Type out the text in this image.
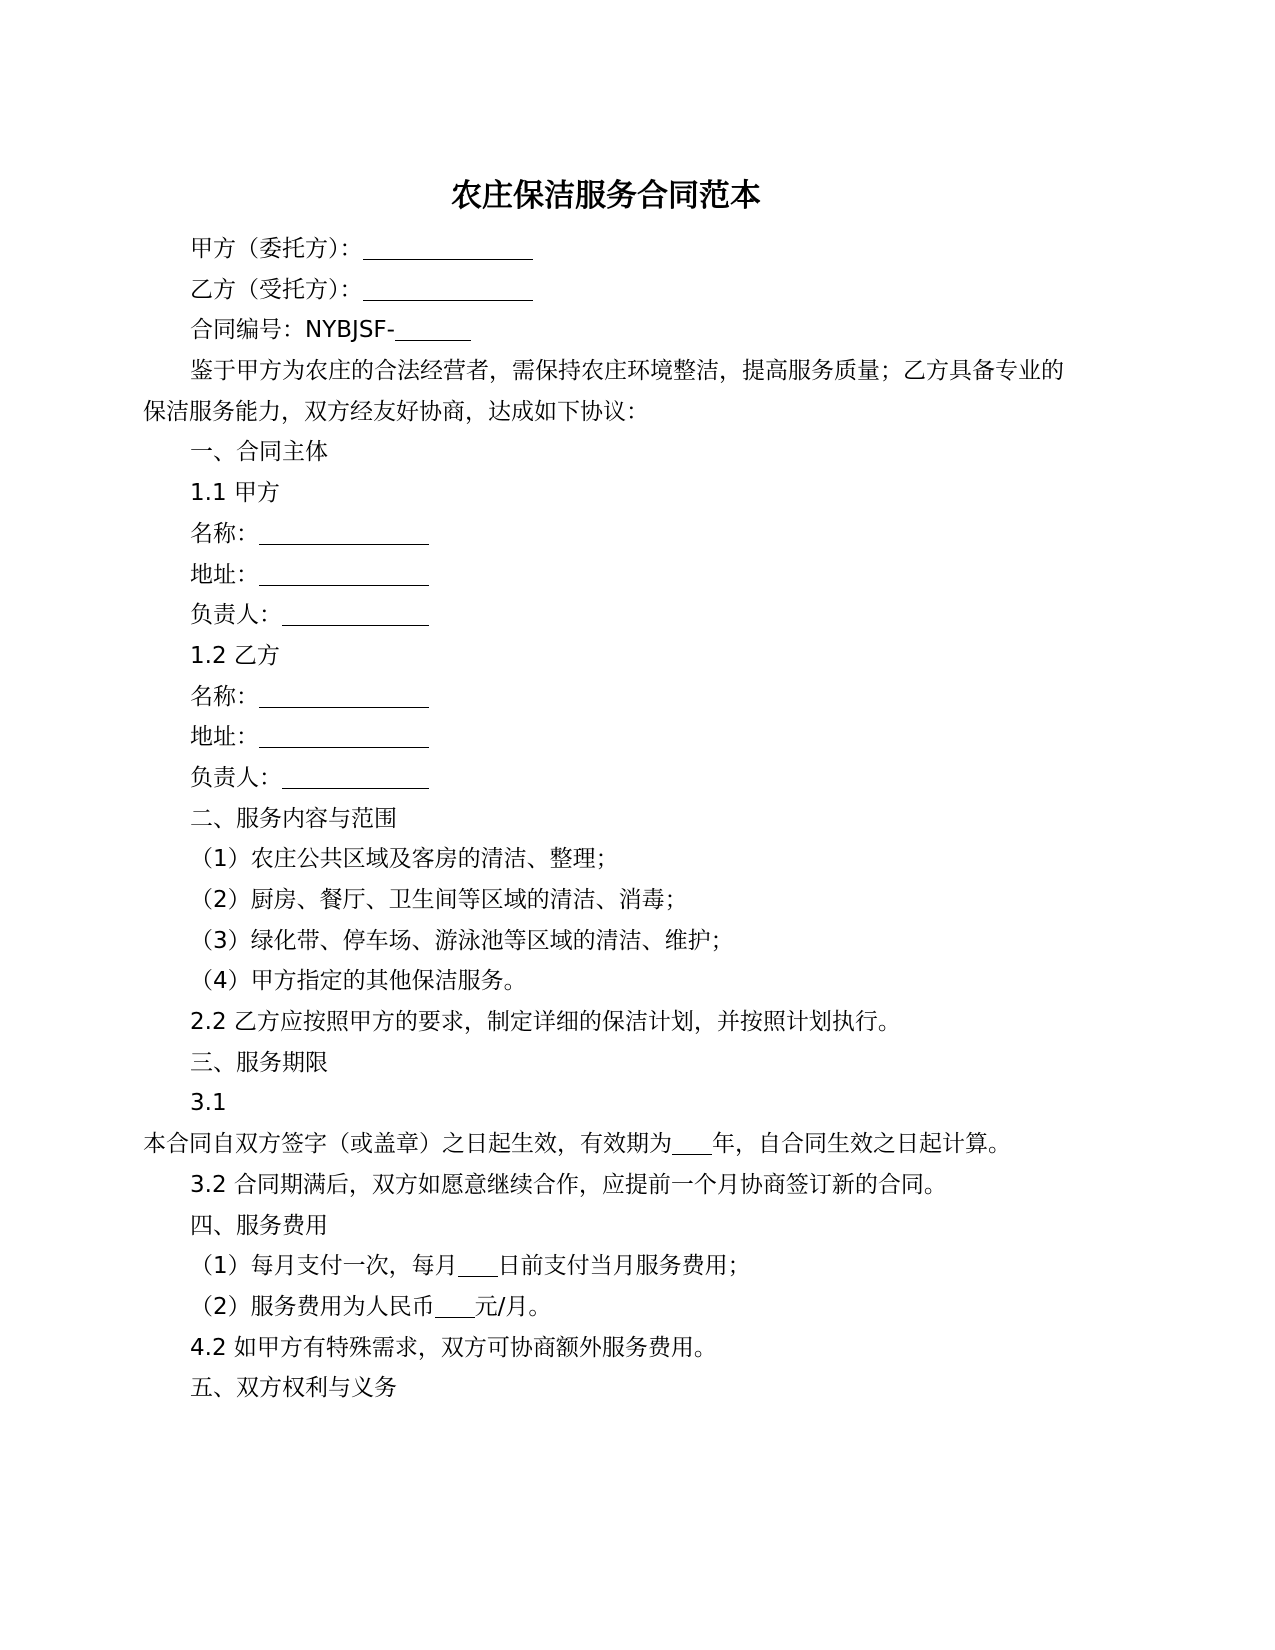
农庄保洁服务合同范本

甲方（委托方）：

乙方（受托方）：

合同编号：NYBJSF-

鉴于甲方为农庄的合法经营者，需保持农庄环境整洁，提高服务质量；乙方具备专业的保洁服务能力，双方经友好协商，达成如下协议：

一、合同主体

1.1 甲方

名称：

地址：

负责人：

1.2 乙方

名称：

地址：

负责人：

二、服务内容与范围

（1）农庄公共区域及客房的清洁、整理；

（2）厨房、餐厅、卫生间等区域的清洁、消毒；

（3）绿化带、停车场、游泳池等区域的清洁、维护；

（4）甲方指定的其他保洁服务。

2.2 乙方应按照甲方的要求，制定详细的保洁计划，并按照计划执行。

三、服务期限

3.1

本合同自双方签字（或盖章）之日起生效，有效期为 年，自合同生效之日起计算。

3.2 合同期满后，双方如愿意继续合作，应提前一个月协商签订新的合同。

四、服务费用

（1）每月支付一次，每月 日前支付当月服务费用；

（2）服务费用为人民币 元/月。

4.2 如甲方有特殊需求，双方可协商额外服务费用。

五、双方权利与义务
